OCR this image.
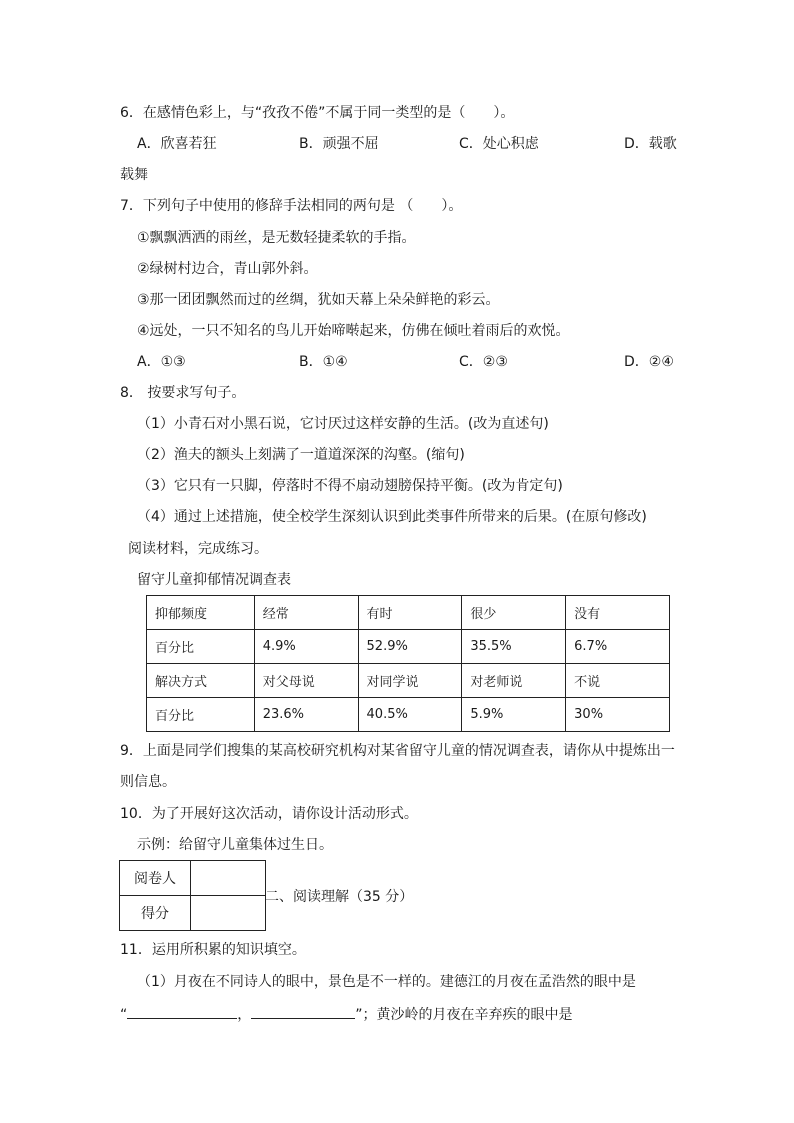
6．在感情色彩上，与“孜孜不倦”不属于同一类型的是（　　）。
A．欣喜若狂	B．顽强不屈	C．处心积虑	D．载歌
载舞
7．下列句子中使用的修辞手法相同的两句是 （　　）。
①飘飘洒洒的雨丝，是无数轻捷柔软的手指。
②绿树村边合，青山郭外斜。
③那一团团飘然而过的丝绸，犹如天幕上朵朵鲜艳的彩云。
④远处，一只不知名的鸟儿开始啼啭起来，仿佛在倾吐着雨后的欢悦。
A．①③	B．①④	C．②③	D．②④
8． 按要求写句子。
（1）小青石对小黑石说，它讨厌过这样安静的生活。(改为直述句)
（2）渔夫的额头上刻满了一道道深深的沟壑。(缩句)
（3）它只有一只脚，停落时不得不扇动翅膀保持平衡。(改为肯定句)
（4）通过上述措施，使全校学生深刻认识到此类事件所带来的后果。(在原句修改)
阅读材料，完成练习。
留守儿童抑郁情况调查表
抑郁频度	经常	有时	很少	没有
百分比	4.9%	52.9%	35.5%	6.7%
解决方式	对父母说	对同学说	对老师说	不说
百分比	23.6%	40.5%	5.9%	30%
9．上面是同学们搜集的某高校研究机构对某省留守儿童的情况调查表，请你从中提炼出一
则信息。
10．为了开展好这次活动，请你设计活动形式。
示例：给留守儿童集体过生日。
阅卷人	
得分	
二、阅读理解（35 分）
11．运用所积累的知识填空。
（1）月夜在不同诗人的眼中，景色是不一样的。建德江的月夜在孟浩然的眼中是
“	，	”；黄沙岭的月夜在辛弃疾的眼中是
